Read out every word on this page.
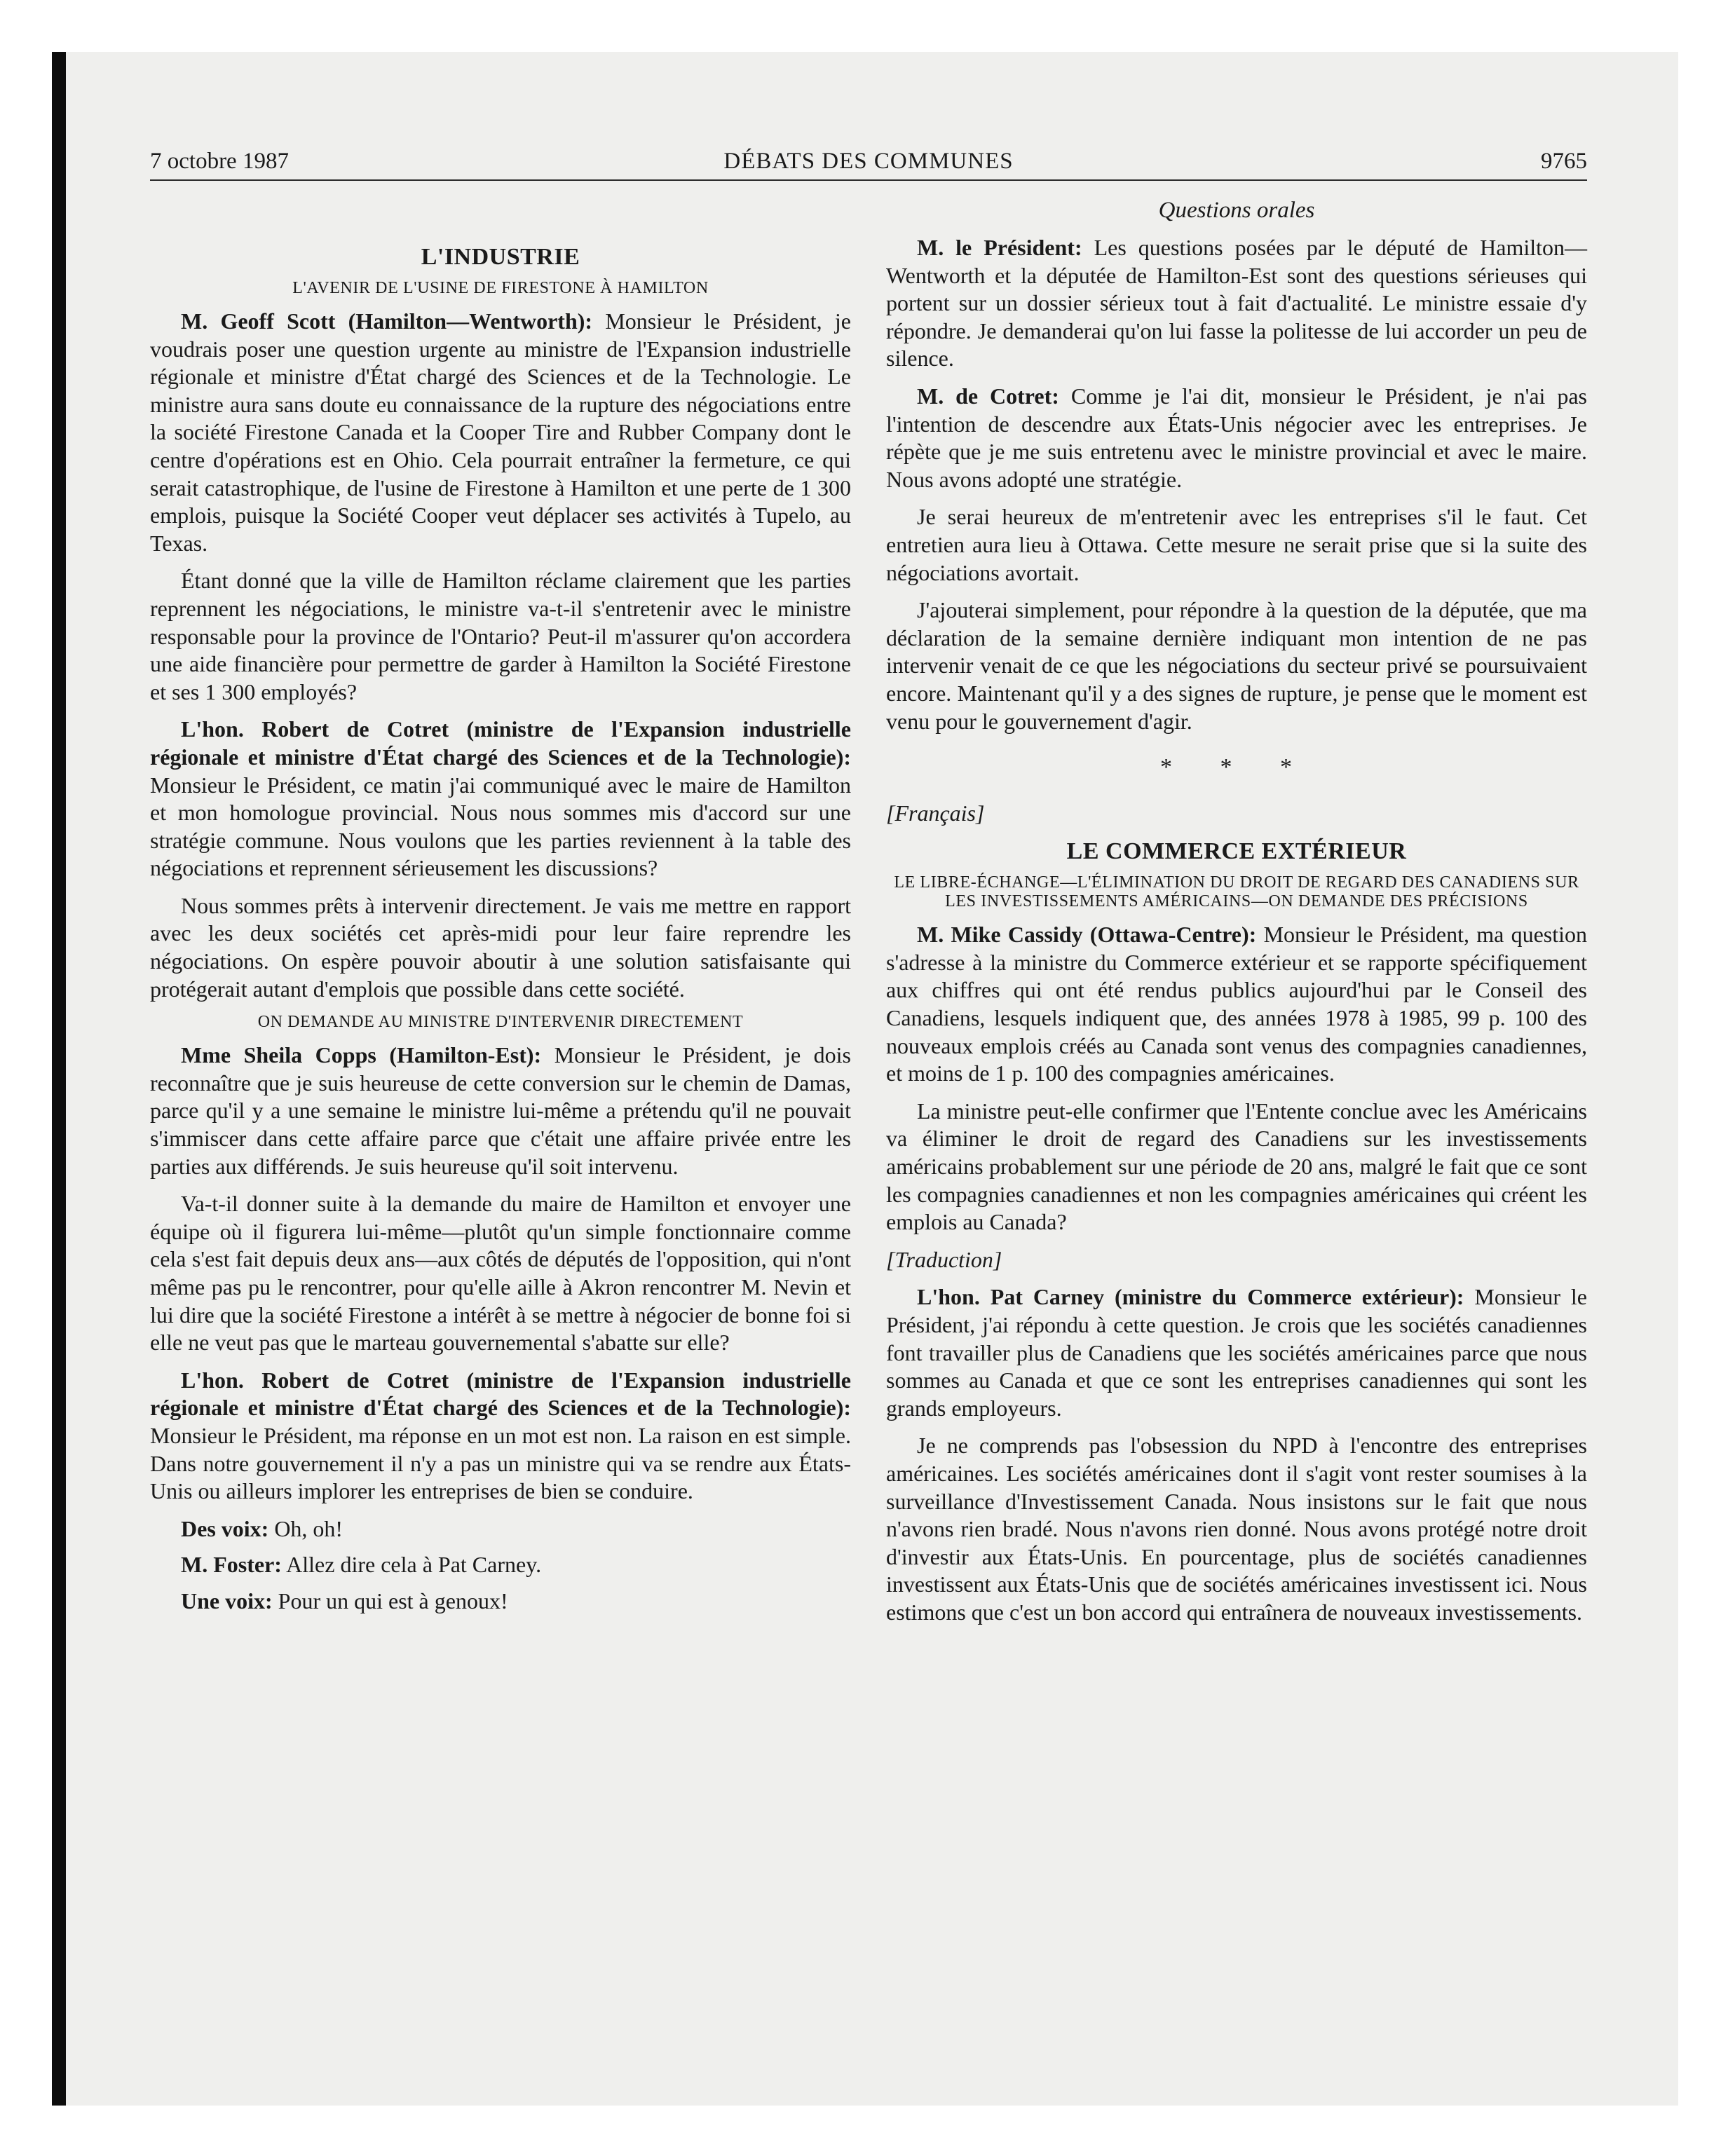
7 octobre 1987	DÉBATS DES COMMUNES	9765
L'INDUSTRIE
L'AVENIR DE L'USINE DE FIRESTONE À HAMILTON

M. Geoff Scott (Hamilton—Wentworth): Monsieur le Président, je voudrais poser une question urgente au ministre de l'Expansion industrielle régionale et ministre d'État chargé des Sciences et de la Technologie. Le ministre aura sans doute eu connaissance de la rupture des négociations entre la société Firestone Canada et la Cooper Tire and Rubber Company dont le centre d'opérations est en Ohio. Cela pourrait entraîner la fermeture, ce qui serait catastrophique, de l'usine de Firestone à Hamilton et une perte de 1 300 emplois, puisque la Société Cooper veut déplacer ses activités à Tupelo, au Texas.

Étant donné que la ville de Hamilton réclame clairement que les parties reprennent les négociations, le ministre va-t-il s'entretenir avec le ministre responsable pour la province de l'Ontario? Peut-il m'assurer qu'on accordera une aide financière pour permettre de garder à Hamilton la Société Firestone et ses 1 300 employés?

L'hon. Robert de Cotret (ministre de l'Expansion industrielle régionale et ministre d'État chargé des Sciences et de la Technologie): Monsieur le Président, ce matin j'ai communiqué avec le maire de Hamilton et mon homologue provincial. Nous nous sommes mis d'accord sur une stratégie commune. Nous voulons que les parties reviennent à la table des négociations et reprennent sérieusement les discussions?

Nous sommes prêts à intervenir directement. Je vais me mettre en rapport avec les deux sociétés cet après-midi pour leur faire reprendre les négociations. On espère pouvoir aboutir à une solution satisfaisante qui protégerait autant d'emplois que possible dans cette société.

ON DEMANDE AU MINISTRE D'INTERVENIR DIRECTEMENT

Mme Sheila Copps (Hamilton-Est): Monsieur le Président, je dois reconnaître que je suis heureuse de cette conversion sur le chemin de Damas, parce qu'il y a une semaine le ministre lui-même a prétendu qu'il ne pouvait s'immiscer dans cette affaire parce que c'était une affaire privée entre les parties aux différends. Je suis heureuse qu'il soit intervenu.

Va-t-il donner suite à la demande du maire de Hamilton et envoyer une équipe où il figurera lui-même—plutôt qu'un simple fonctionnaire comme cela s'est fait depuis deux ans—aux côtés de députés de l'opposition, qui n'ont même pas pu le rencontrer, pour qu'elle aille à Akron rencontrer M. Nevin et lui dire que la société Firestone a intérêt à se mettre à négocier de bonne foi si elle ne veut pas que le marteau gouvernemental s'abatte sur elle?

L'hon. Robert de Cotret (ministre de l'Expansion industrielle régionale et ministre d'État chargé des Sciences et de la Technologie): Monsieur le Président, ma réponse en un mot est non. La raison en est simple. Dans notre gouvernement il n'y a pas un ministre qui va se rendre aux États-Unis ou ailleurs implorer les entreprises de bien se conduire.

Des voix: Oh, oh!

M. Foster: Allez dire cela à Pat Carney.

Une voix: Pour un qui est à genoux!

Questions orales

M. le Président: Les questions posées par le député de Hamilton—Wentworth et la députée de Hamilton-Est sont des questions sérieuses qui portent sur un dossier sérieux tout à fait d'actualité. Le ministre essaie d'y répondre. Je demanderai qu'on lui fasse la politesse de lui accorder un peu de silence.

M. de Cotret: Comme je l'ai dit, monsieur le Président, je n'ai pas l'intention de descendre aux États-Unis négocier avec les entreprises. Je répète que je me suis entretenu avec le ministre provincial et avec le maire. Nous avons adopté une stratégie.

Je serai heureux de m'entretenir avec les entreprises s'il le faut. Cet entretien aura lieu à Ottawa. Cette mesure ne serait prise que si la suite des négociations avortait.

J'ajouterai simplement, pour répondre à la question de la députée, que ma déclaration de la semaine dernière indiquant mon intention de ne pas intervenir venait de ce que les négociations du secteur privé se poursuivaient encore. Maintenant qu'il y a des signes de rupture, je pense que le moment est venu pour le gouvernement d'agir.

* * *

[Français]

LE COMMERCE EXTÉRIEUR
LE LIBRE-ÉCHANGE—L'ÉLIMINATION DU DROIT DE REGARD DES CANADIENS SUR LES INVESTISSEMENTS AMÉRICAINS—ON DEMANDE DES PRÉCISIONS

M. Mike Cassidy (Ottawa-Centre): Monsieur le Président, ma question s'adresse à la ministre du Commerce extérieur et se rapporte spécifiquement aux chiffres qui ont été rendus publics aujourd'hui par le Conseil des Canadiens, lesquels indiquent que, des années 1978 à 1985, 99 p. 100 des nouveaux emplois créés au Canada sont venus des compagnies canadiennes, et moins de 1 p. 100 des compagnies américaines.

La ministre peut-elle confirmer que l'Entente conclue avec les Américains va éliminer le droit de regard des Canadiens sur les investissements américains probablement sur une période de 20 ans, malgré le fait que ce sont les compagnies canadiennes et non les compagnies américaines qui créent les emplois au Canada?

[Traduction]

L'hon. Pat Carney (ministre du Commerce extérieur): Monsieur le Président, j'ai répondu à cette question. Je crois que les sociétés canadiennes font travailler plus de Canadiens que les sociétés américaines parce que nous sommes au Canada et que ce sont les entreprises canadiennes qui sont les grands employeurs.

Je ne comprends pas l'obsession du NPD à l'encontre des entreprises américaines. Les sociétés américaines dont il s'agit vont rester soumises à la surveillance d'Investissement Canada. Nous insistons sur le fait que nous n'avons rien bradé. Nous n'avons rien donné. Nous avons protégé notre droit d'investir aux États-Unis. En pourcentage, plus de sociétés canadiennes investissent aux États-Unis que de sociétés américaines investissent ici. Nous estimons que c'est un bon accord qui entraînera de nouveaux investissements.
